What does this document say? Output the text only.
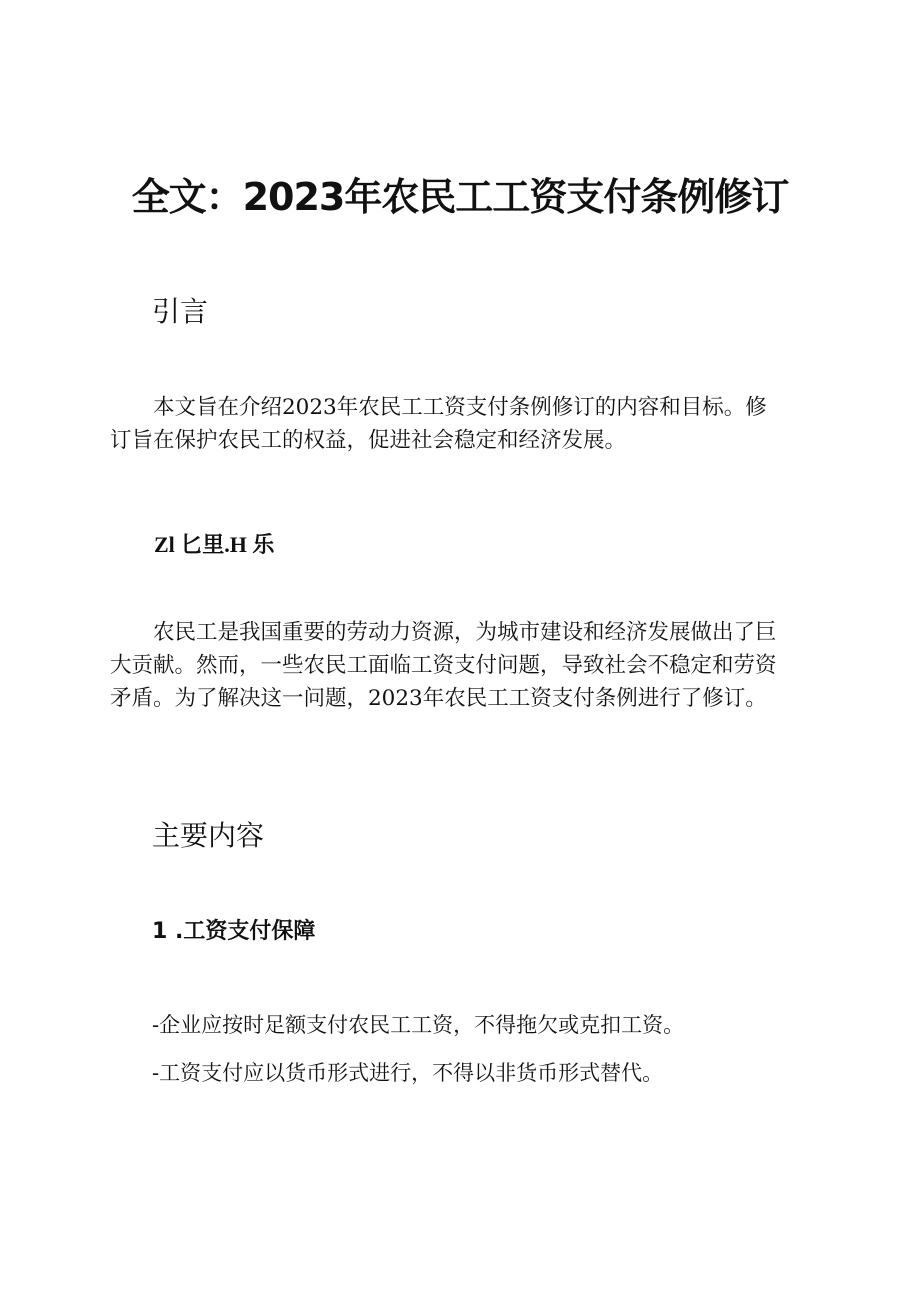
全文：2023年农民工工资支付条例修订
引言

本文旨在介绍2023年农民工工资支付条例修订的内容和目标。修
订旨在保护农民工的权益，促进社会稳定和经济发展。

Zl 匕里.H 乐

农民工是我国重要的劳动力资源，为城市建设和经济发展做出了巨
大贡献。然而，一些农民工面临工资支付问题，导致社会不稳定和劳资
矛盾。为了解决这一问题，2023年农民工工资支付条例进行了修订。

主要内容
1 .工资支付保障

-企业应按时足额支付农民工工资，不得拖欠或克扣工资。

-工资支付应以货币形式进行，不得以非货币形式替代。
